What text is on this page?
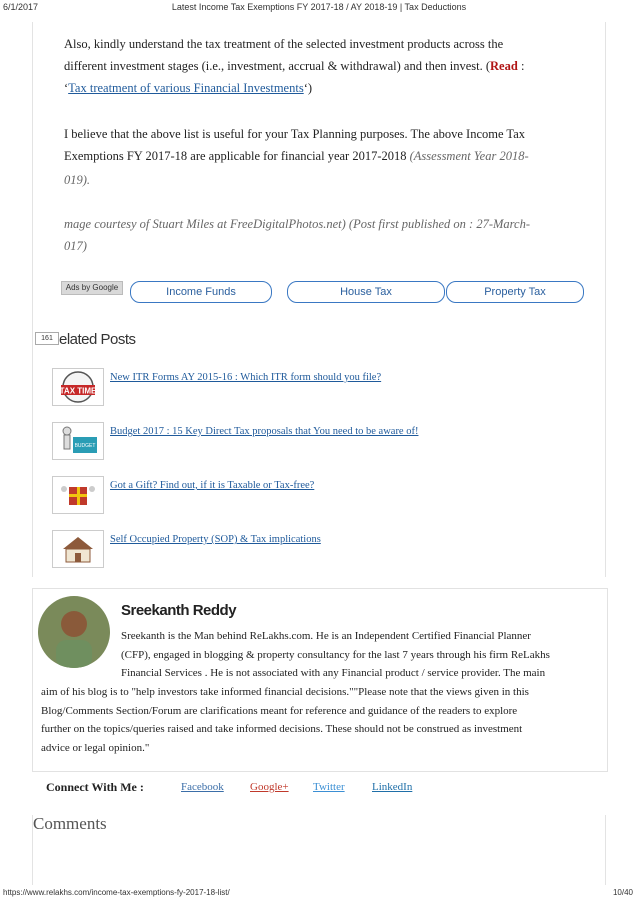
6/1/2017	Latest Income Tax Exemptions FY 2017-18 / AY 2018-19 | Tax Deductions

Also, kindly understand the tax treatment of the selected investment products across the
different investment stages (i.e., investment, accrual & withdrawal) and then invest. (Read :
‘Tax treatment of various Financial Investments‘)

I believe that the above list is useful for your Tax Planning purposes. The above Income Tax
Exemptions FY 2017-18 are applicable for financial year 2017-2018 (Assessment Year 2018-

019).

mage courtesy of Stuart Miles at FreeDigitalPhotos.net) (Post first published on : 27-March-
017)

Ads by Google	Income Funds	House Tax	Property Tax
161 elated Posts
TAX TIME
New ITR Forms AY 2015-16 : Which ITR form should you file?
BUDGET
Budget 2017 : 15 Key Direct Tax proposals that You need to be aware of!
Got a Gift? Find out, if it is Taxable or Tax-free?
Self Occupied Property (SOP) & Tax implications
Sreekanth Reddy

Sreekanth is the Man behind ReLakhs.com. He is an Independent Certified Financial Planner
(CFP), engaged in blogging & property consultancy for the last 7 years through his firm ReLakhs
Financial Services . He is not associated with any Financial product / service provider. The main

aim of his blog is to "help investors take informed financial decisions.""Please note that the views given in this
Blog/Comments Section/Forum are clarifications meant for reference and guidance of the readers to explore
further on the topics/queries raised and take informed decisions. These should not be construed as investment
advice or legal opinion."

Connect With Me :	Facebook Google+ Twitter LinkedIn
Comments
https://www.relakhs.com/income-tax-exemptions-fy-2017-18-list/	10/40
